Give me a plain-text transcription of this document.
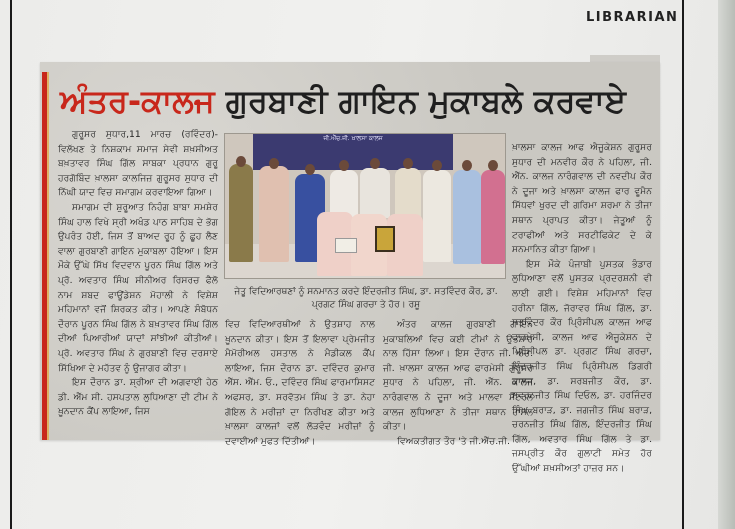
LIBRARIAN
ਅੰਤਰ-ਕਾਲਜ ਗੁਰਬਾਣੀ ਗਾਇਨ ਮੁਕਾਬਲੇ ਕਰਵਾਏ

ਗੁਰੂਸਰ ਸੁਧਾਰ,11 ਮਾਰਚ (ਰਵਿੰਦਰ)- ਵਿਲੱਖਣ ਤੇ ਨਿਸ਼ਕਾਮ ਸਮਾਜ ਸੇਵੀ ਸ਼ਖ਼ਸੀਅਤ ਬਖ਼ਤਾਵਰ ਸਿੰਘ ਗਿੱਲ ਸਾਬਕਾ ਪ੍ਰਧਾਨ ਗੁਰੂ ਹਰਗੋਬਿੰਦ ਖ਼ਾਲਸਾ ਕਾਲਜਿਜ਼ ਗੁਰੂਸਰ ਸੁਧਾਰ ਦੀ ਨਿੱਘੀ ਯਾਦ ਵਿਚ ਸਮਾਗਮ ਕਰਵਾਇਆ ਗਿਆ।

ਸਮਾਗਮ ਦੀ ਸ਼ੁਰੂਆਤ ਨਿਹੰਗ ਬਾਬਾ ਸਮਸ਼ੇਰ ਸਿੰਘ ਹਾਲ ਵਿਖੇ ਸ੍ਰੀ ਅਖੰਡ ਪਾਠ ਸਾਹਿਬ ਦੇ ਭੋਗ ਉਪਰੰਤ ਹੋਈ, ਜਿਸ ਤੋਂ ਬਾਅਦ ਰੂਹ ਨੂੰ ਛੂਹ ਲੈਣ ਵਾਲਾ ਗੁਰਬਾਣੀ ਗਾਇਨ ਮੁਕਾਬਲਾ ਹੋਇਆ। ਇਸ ਮੌਕੇ ਉੱਘੇ ਸਿੱਖ ਵਿਦਵਾਨ ਪੂਰਨ ਸਿੰਘ ਗਿੱਲ ਅਤੇ ਪ੍ਰੋ. ਅਵਤਾਰ ਸਿੰਘ ਸੀਨੀਅਰ ਰਿਸਰਚ ਫੈਲੋ ਨਾਮ ਸ਼ਬਦ ਫਾਊਂਡੇਸ਼ਨ ਮੋਹਾਲੀ ਨੇ ਵਿਸ਼ੇਸ਼ ਮਹਿਮਾਨਾਂ ਵਜੋਂ ਸ਼ਿਰਕਤ ਕੀਤ। ਆਪਣੇ ਸੰਬੋਧਨ ਦੌਰਾਨ ਪੂਰਨ ਸਿੰਘ ਗਿੱਲ ਨੇ ਬਖ਼ਤਾਵਰ ਸਿੰਘ ਗਿੱਲ ਦੀਆਂ ਪਿਆਰੀਆਂ ਯਾਦਾਂ ਸਾਂਝੀਆਂ ਕੀਤੀਆਂ। ਪ੍ਰੋ. ਅਵਤਾਰ ਸਿੰਘ ਨੇ ਗੁਰਬਾਣੀ ਵਿਚ ਦਰਸਾਏ ਸਿੱਖਿਆ ਦੇ ਮਹੱਤਵ ਨੂੰ ਉਜਾਗਰ ਕੀਤਾ।

ਇਸ ਦੌਰਾਨ ਡਾ. ਸ਼੍ਰੀਆ ਦੀ ਅਗਵਾਈ ਹੇਠ ਡੀ. ਐੱਮ ਸੀ. ਹਸਪਤਾਲ ਲੁਧਿਆਣਾ ਦੀ ਟੀਮ ਨੇ ਖ਼ੂਨਦਾਨ ਕੈਂਪ ਲਾਇਆ, ਜਿਸ

ਜੀ.ਐੱਚ.ਜੀ. ਖ਼ਾਲਸਾ ਕਾਲਜ
ਜੇਤੂ ਵਿਦਿਆਰਥਣਾਂ ਨੂੰ ਸਨਮਾਨਤ ਕਰਦੇ ਇੰਦਰਜੀਤ ਸਿੰਘ, ਡਾ. ਸਤਵਿੰਦਰ ਕੌਰ, ਡਾ. ਪ੍ਰਗਟ ਸਿੰਘ ਗਰਚਾ ਤੇ ਹੋਰ। ਰਸੂ

ਵਿਚ ਵਿਦਿਆਰਥੀਆਂ ਨੇ ਉਤਸ਼ਾਹ ਨਾਲ ਖ਼ੂਨਦਾਨ ਕੀਤਾ। ਇਸ ਤੋਂ ਇਲਾਵਾ ਪ੍ਰੇਮਜੀਤ ਮੈਮੋਰੀਅਲ ਹਸਤਾਲ ਨੇ ਮੈਡੀਕਲ ਕੈਂਪ ਲਾਇਆ, ਜਿਸ ਦੌਰਾਨ ਡਾ. ਦਵਿੰਦਰ ਕੁਮਾਰ ਐੱਸ. ਐੱਮ. ਓ., ਦਵਿੰਦਰ ਸਿੰਘ ਫਾਰਮਾਸਿਸਟ ਅਫਸਰ, ਡਾ. ਸਰਵੋਤਮ ਸਿੰਘ ਤੇ ਡਾ. ਨੇਹਾ ਗੋਇਲ ਨੇ ਮਰੀਜ਼ਾਂ ਦਾ ਨਿਰੀਖਣ ਕੀਤਾ ਅਤੇ ਖ਼ਾਲਸਾ ਕਾਲਜਾਂ ਵਲੋਂ ਲੋੜਵੰਦ ਮਰੀਜ਼ਾਂ ਨੂੰ ਦਵਾਈਆਂ ਮੁਫਤ ਦਿੱਤੀਆਂ।

ਅੰਤਰ ਕਾਲਜ ਗੁਰਬਾਣੀ ਗਾਇਨ ਮੁਕਾਬਲਿਆਂ ਵਿਚ ਕਈ ਟੀਮਾਂ ਨੇ ਉਤਸ਼ਾਹ ਨਾਲ ਹਿੱਸਾ ਲਿਆ। ਇਸ ਦੌਰਾਨ ਜੀ. ਐੱਚ. ਜੀ. ਖ਼ਾਲਸਾ ਕਾਲਜ ਆਫ ਫਾਰਮੇਸੀ ਗੁਰੂਸਰ ਸੁਧਾਰ ਨੇ ਪਹਿਲਾ, ਜੀ. ਐੱਨ. ਕਾਲਜ ਨਾਰੰਗਵਾਲ ਨੇ ਦੂਜਾ ਅਤੇ ਮਾਲਵਾ ਸੈਂਟਰਲ ਕਾਲਜ ਲੁਧਿਆਣਾ ਨੇ ਤੀਜਾ ਸਥਾਨ ਹਾਸਲ ਕੀਤਾ।

ਵਿਅਕਤੀਗਤ ਤੌਰ 'ਤੇ ਜੀ.ਐੱਚ.ਜੀ.

ਖ਼ਾਲਸਾ ਕਾਲਜ ਆਫ ਐਜੂਕੇਸ਼ਨ ਗੁਰੂਸਰ ਸੁਧਾਰ ਦੀ ਮਨਵੀਰ ਕੌਰ ਨੇ ਪਹਿਲਾ, ਜੀ. ਐੱਨ. ਕਾਲਜ ਨਾਰੰਗਵਾਲ ਦੀ ਨਵਦੀਪ ਕੌਰ ਨੇ ਦੂਜਾ ਅਤੇ ਖ਼ਾਲਸਾ ਕਾਲਜ ਫਾਰ ਵੂਮੈਨ ਸਿੱਧਵਾਂ ਖੁਰਦ ਦੀ ਗਰਿਮਾ ਸ਼ਰਮਾ ਨੇ ਤੀਜਾ ਸਥਾਨ ਪ੍ਰਾਪਤ ਕੀਤਾ। ਜੇਤੂਆਂ ਨੂੰ ਟਰਾਫੀਆਂ ਅਤੇ ਸਰਟੀਫਿਕੇਟ ਦੇ ਕੇ ਸਨਮਾਨਿਤ ਕੀਤਾ ਗਿਆ।

ਇਸ ਮੌਕੇ ਪੰਜਾਬੀ ਪੁਸਤਕ ਭੰਡਾਰ ਲੁਧਿਆਣਾ ਵਲੋਂ ਪੁਸਤਕ ਪ੍ਰਦਰਸ਼ਨੀ ਵੀ ਲਾਈ ਗਈ। ਵਿਸ਼ੇਸ਼ ਮਹਿਮਾਨਾਂ ਵਿਚ ਹਰੀਨਾ ਗਿੱਲ, ਜੋਰਾਵਰ ਸਿੰਘ ਗਿੱਲ, ਡਾ. ਸਤਵਿੰਦਰ ਕੌਰ ਪ੍ਰਿੰਸੀਪਲ ਕਾਲਜ ਆਫ ਫਾਰਮੇਸੀ, ਕਾਲਜ ਆਫ ਐਜੂਕੇਸ਼ਨ ਦੇ ਪ੍ਰਿੰਸੀਪਲ ਡਾ. ਪ੍ਰਗਟ ਸਿੰਘ ਗਰਚਾ, ਇੰਦਰਜੀਤ ਸਿੰਘ ਪ੍ਰਿੰਸੀਪਲ ਡਿਗਰੀ ਕਾਲਜ, ਡਾ. ਸਰਬਜੀਤ ਕੌਰ, ਡਾ. ਸਵਰਨਜੀਤ ਸਿੰਘ ਦਿਓਲ, ਡਾ. ਹਰਜਿੰਦਰ ਸਿੰਘ ਬਰਾੜ, ਡਾ. ਜਗਜੀਤ ਸਿੰਘ ਬਰਾੜ, ਚਰਨਜੀਤ ਸਿੰਘ ਗਿੱਲ, ਇੰਦਰਜੀਤ ਸਿੰਘ ਗਿੱਲ, ਅਵਤਾਰ ਸਿੰਘ ਗਿੱਲ ਤੇ ਡਾ. ਜਸਪ੍ਰੀਤ ਕੌਰ ਗੁਲਾਟੀ ਸਮੇਤ ਹੋਰ ਉੱਘੀਆਂ ਸ਼ਖ਼ਸੀਅਤਾਂ ਹਾਜ਼ਰ ਸਨ।
